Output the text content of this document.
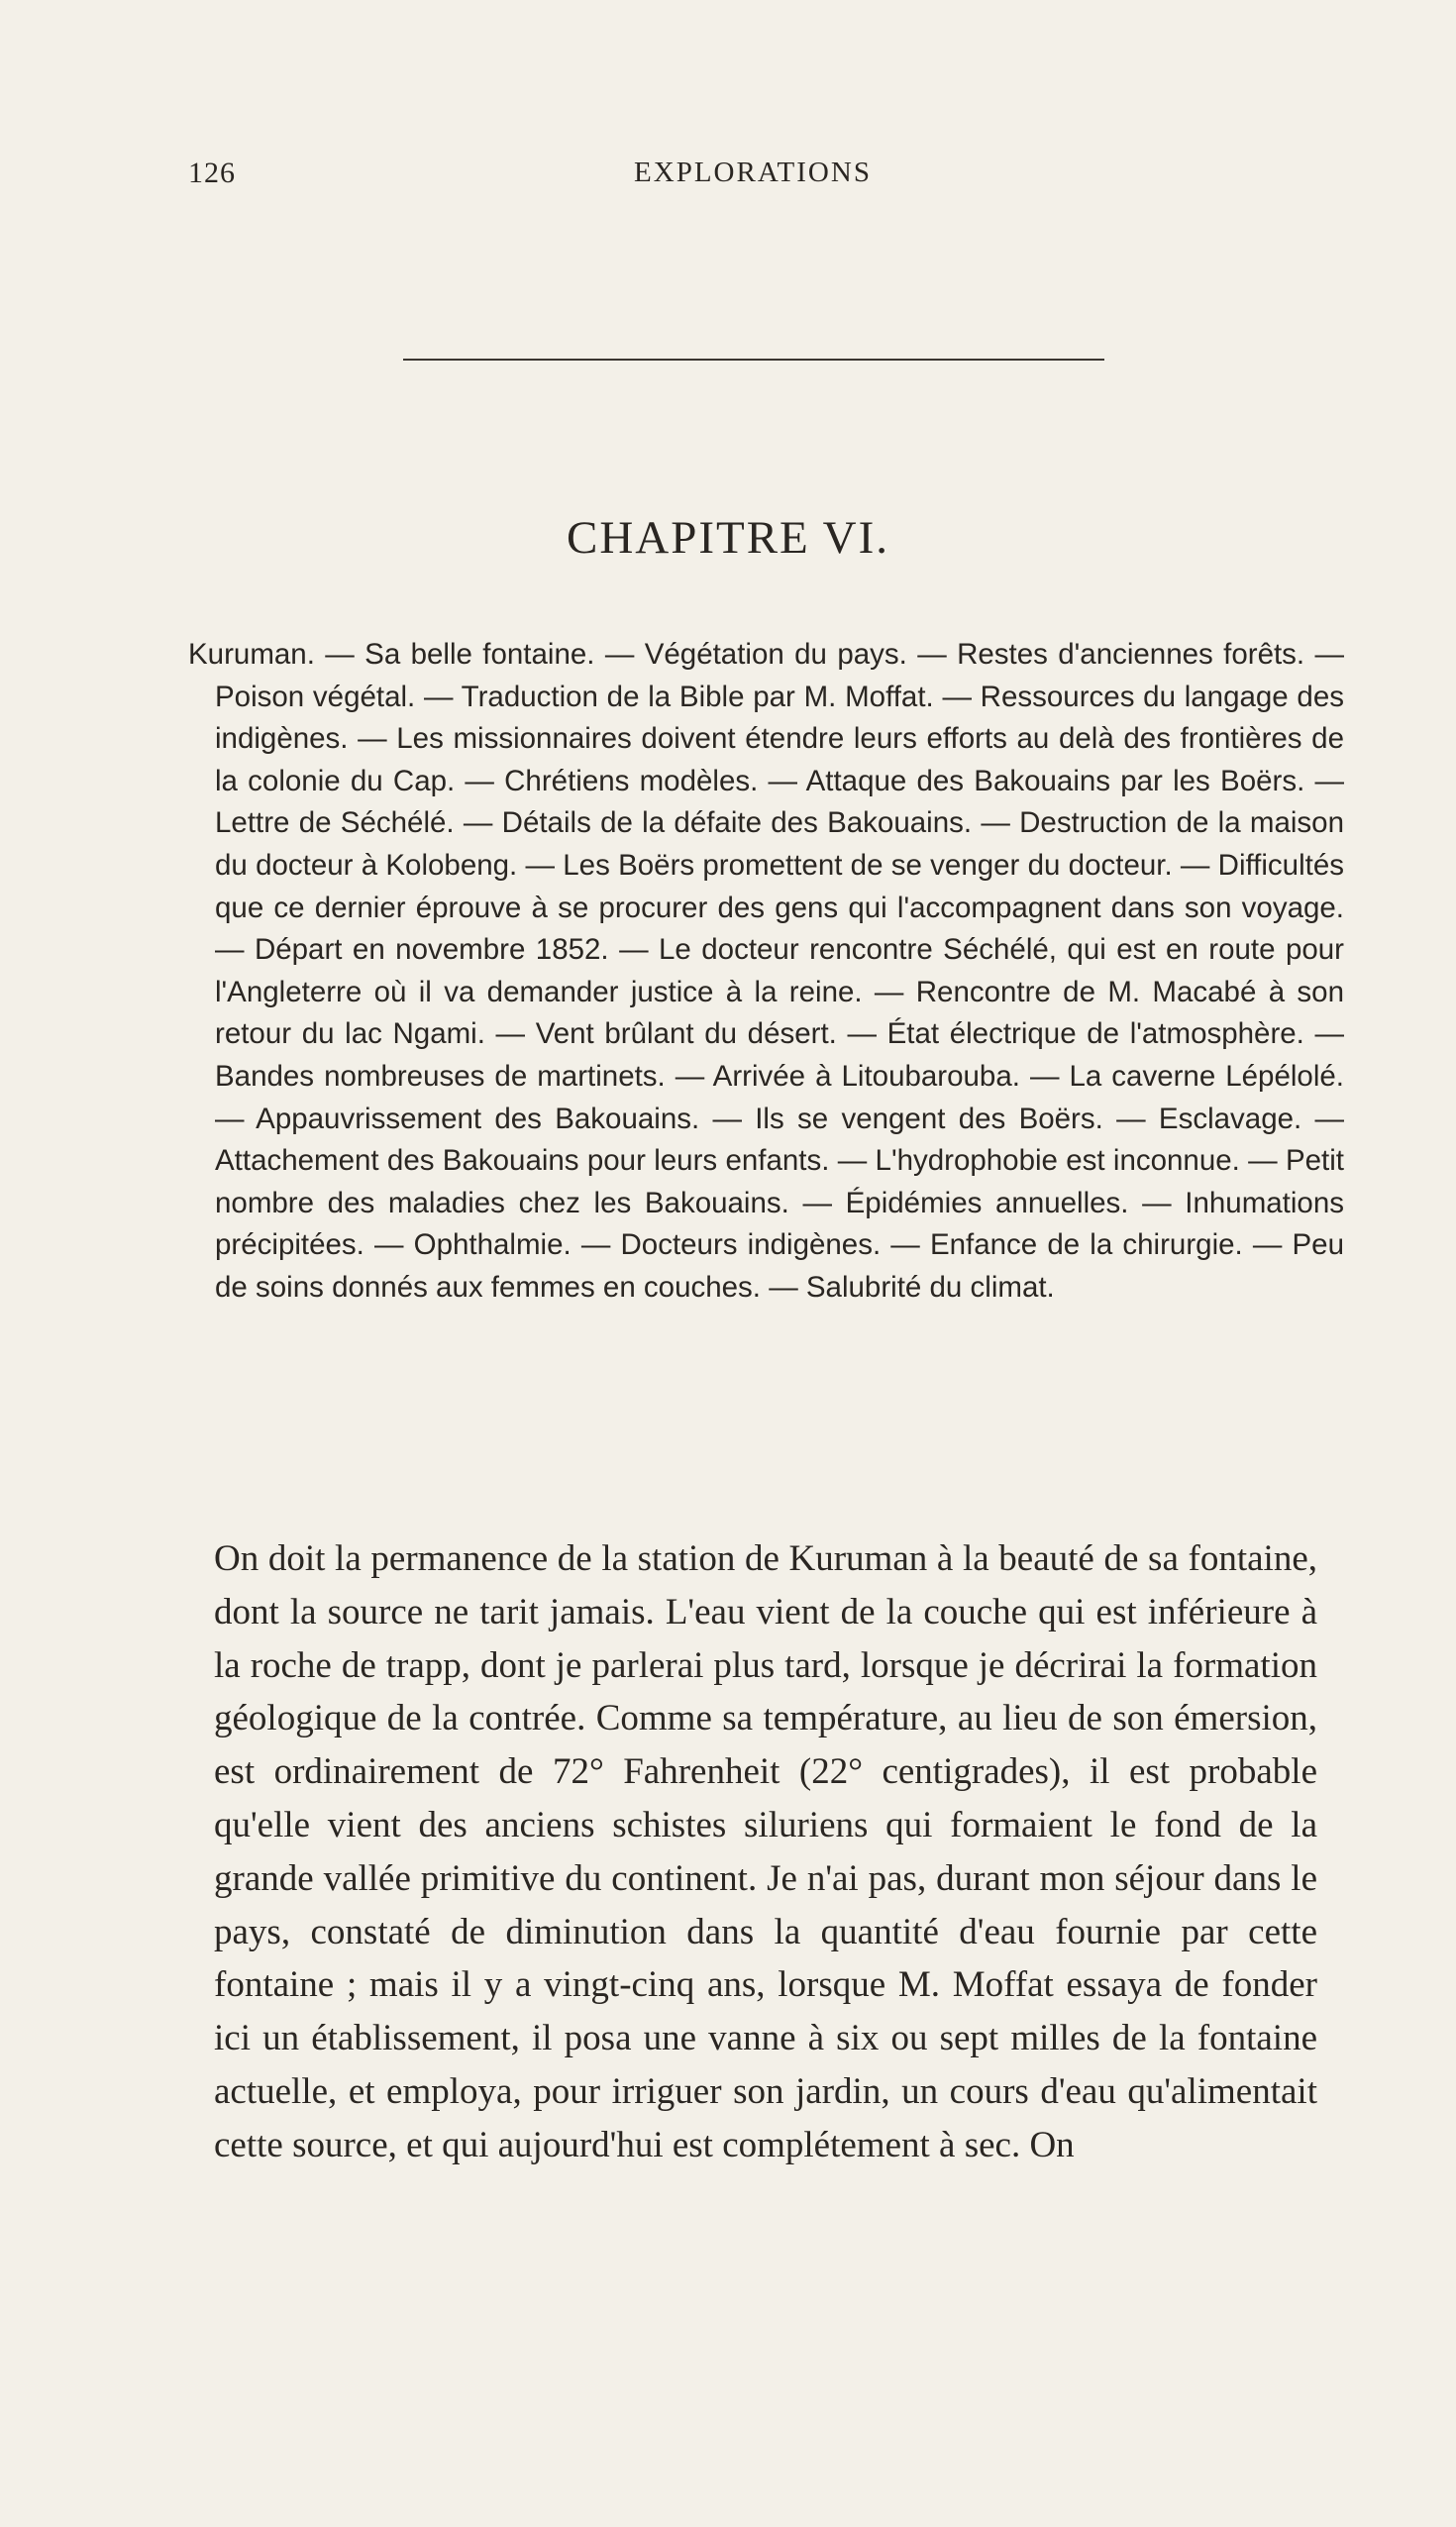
126	EXPLORATIONS
CHAPITRE VI.

Kuruman. — Sa belle fontaine. — Végétation du pays. — Restes d'anciennes forêts. — Poison végétal. — Traduction de la Bible par M. Moffat. — Ressources du langage des indigènes. — Les missionnaires doivent étendre leurs efforts au delà des frontières de la colonie du Cap. — Chrétiens modèles. — Attaque des Bakouains par les Boërs. — Lettre de Séchélé. — Détails de la défaite des Bakouains. — Destruction de la maison du docteur à Kolobeng. — Les Boërs promettent de se venger du docteur. — Difficultés que ce dernier éprouve à se procurer des gens qui l'accompagnent dans son voyage. — Départ en novembre 1852. — Le docteur rencontre Séchélé, qui est en route pour l'Angleterre où il va demander justice à la reine. — Rencontre de M. Macabé à son retour du lac Ngami. — Vent brûlant du désert. — État électrique de l'atmosphère. — Bandes nombreuses de martinets. — Arrivée à Litoubarouba. — La caverne Lépélolé. — Appauvrissement des Bakouains. — Ils se vengent des Boërs. — Esclavage. — Attachement des Bakouains pour leurs enfants. — L'hydrophobie est inconnue. — Petit nombre des maladies chez les Bakouains. — Épidémies annuelles. — Inhumations précipitées. — Ophthalmie. — Docteurs indigènes. — Enfance de la chirurgie. — Peu de soins donnés aux femmes en couches. — Salubrité du climat.

On doit la permanence de la station de Kuruman à la beauté de sa fontaine, dont la source ne tarit jamais. L'eau vient de la couche qui est inférieure à la roche de trapp, dont je parlerai plus tard, lorsque je décrirai la formation géologique de la contrée. Comme sa température, au lieu de son émersion, est ordinairement de 72° Fahrenheit (22° centigrades), il est probable qu'elle vient des anciens schistes siluriens qui formaient le fond de la grande vallée primitive du continent. Je n'ai pas, durant mon séjour dans le pays, constaté de diminution dans la quantité d'eau fournie par cette fontaine ; mais il y a vingt-cinq ans, lorsque M. Moffat essaya de fonder ici un établissement, il posa une vanne à six ou sept milles de la fontaine actuelle, et employa, pour irriguer son jardin, un cours d'eau qu'alimentait cette source, et qui aujourd'hui est complétement à sec. On
